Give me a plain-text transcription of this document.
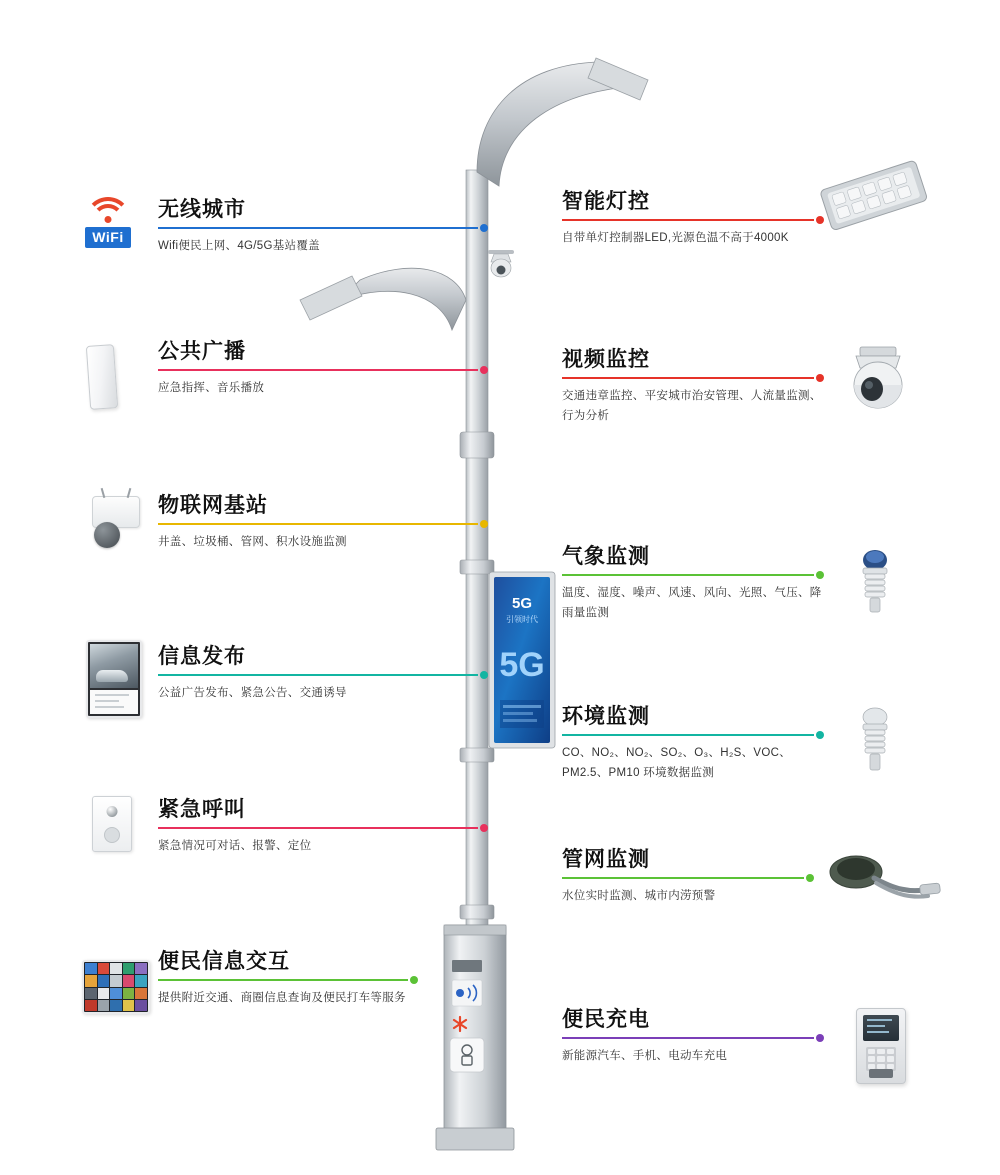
5G
引领时代
5G
WiFi
无线城市
Wifi便民上网、4G/5G基站覆盖
公共广播
应急指挥、音乐播放
物联网基站
井盖、垃圾桶、管网、积水设施监测
信息发布
公益广告发布、紧急公告、交通诱导
紧急呼叫
紧急情况可对话、报警、定位
便民信息交互
提供附近交通、商圈信息查询及便民打车等服务
智能灯控
自带单灯控制器LED,光源色温不高于4000K
视频监控
交通违章监控、平安城市治安管理、人流量监测、行为分析
气象监测
温度、湿度、噪声、风速、风向、光照、气压、降雨量监测
环境监测
CO、NO₂、NO₂、SO₂、O₃、H₂S、VOC、PM2.5、PM10 环境数据监测
管网监测
水位实时监测、城市内涝预警
便民充电
新能源汽车、手机、电动车充电
